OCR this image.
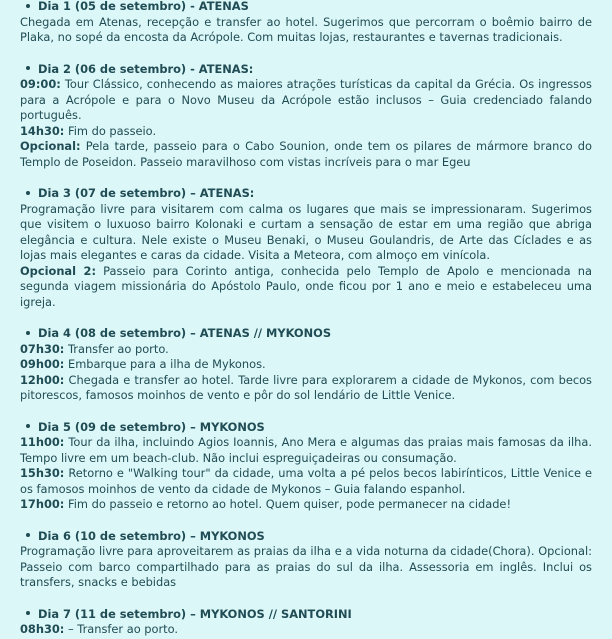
Dia 1 (05 de setembro) - ATENAS

Chegada em Atenas, recepção e transfer ao hotel. Sugerimos que percorram o boêmio bairro de Plaka, no sopé da encosta da Acrópole. Com muitas lojas, restaurantes e tavernas tradicionais.

Dia 2 (06 de setembro) - ATENAS:

09:00: Tour Clássico, conhecendo as maiores atrações turísticas da capital da Grécia. Os ingressos para a Acrópole e para o Novo Museu da Acrópole estão inclusos – Guia credenciado falando português.

14h30: Fim do passeio.

Opcional: Pela tarde, passeio para o Cabo Sounion, onde tem os pilares de mármore branco do Templo de Poseidon. Passeio maravilhoso com vistas incríveis para o mar Egeu

Dia 3 (07 de setembro) – ATENAS:

Programação livre para visitarem com calma os lugares que mais se impressionaram. Sugerimos que visitem o luxuoso bairro Kolonaki e curtam a sensação de estar em uma região que abriga elegância e cultura. Nele existe o Museu Benaki, o Museu Goulandris, de Arte das Cíclades e as lojas mais elegantes e caras da cidade. Visita a Meteora, com almoço em vinícola.

Opcional 2: Passeio para Corinto antiga, conhecida pelo Templo de Apolo e mencionada na segunda viagem missionária do Apóstolo Paulo, onde ficou por 1 ano e meio e estabeleceu uma igreja.

Dia 4 (08 de setembro) – ATENAS // MYKONOS

07h30: Transfer ao porto.

09h00: Embarque para a ilha de Mykonos.

12h00: Chegada e transfer ao hotel. Tarde livre para explorarem a cidade de Mykonos, com becos pitorescos, famosos moinhos de vento e pôr do sol lendário de Little Venice.

Dia 5 (09 de setembro) – MYKONOS

11h00: Tour da ilha, incluindo Agios Ioannis, Ano Mera e algumas das praias mais famosas da ilha. Tempo livre em um beach-club. Não inclui espreguiçadeiras ou consumação.

15h30: Retorno e "Walking tour" da cidade, uma volta a pé pelos becos labirínticos, Little Venice e os famosos moinhos de vento da cidade de Mykonos – Guia falando espanhol.

17h00: Fim do passeio e retorno ao hotel. Quem quiser, pode permanecer na cidade!

Dia 6 (10 de setembro) – MYKONOS

Programação livre para aproveitarem as praias da ilha e a vida noturna da cidade(Chora). Opcional: Passeio com barco compartilhado para as praias do sul da ilha. Assessoria em inglês. Inclui os transfers, snacks e bebidas

Dia 7 (11 de setembro) – MYKONOS // SANTORINI

08h30: – Transfer ao porto.
